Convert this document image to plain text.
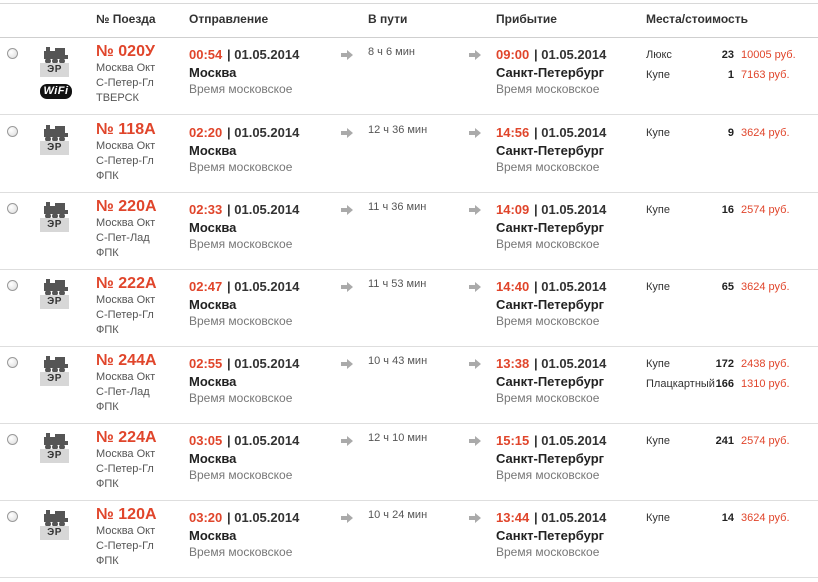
№ Поезда	Отправление	В пути	Прибытие	Места/стоимость
ЭР
WiFi
№ 020У
Москва Окт
С-Петер-Гл
ТВЕРСК
00:54 | 01.05.2014
Москва
Время московское
8 ч 6 мин	09:00 | 01.05.2014
Санкт-Петербург
Время московское
Люкс	23 10005 руб.
Купе	1 7163 руб.
ЭР
№ 118А
Москва Окт
С-Петер-Гл
ФПК
02:20 | 01.05.2014
Москва
Время московское
12 ч 36 мин	14:56 | 01.05.2014
Санкт-Петербург
Время московское
Купе	9 3624 руб.
ЭР
№ 220А
Москва Окт
С-Пет-Лад
ФПК
02:33 | 01.05.2014
Москва
Время московское
11 ч 36 мин	14:09 | 01.05.2014
Санкт-Петербург
Время московское
Купе	16 2574 руб.
ЭР
№ 222А
Москва Окт
С-Петер-Гл
ФПК
02:47 | 01.05.2014
Москва
Время московское
11 ч 53 мин	14:40 | 01.05.2014
Санкт-Петербург
Время московское
Купе	65 3624 руб.
ЭР
№ 244А
Москва Окт
С-Пет-Лад
ФПК
02:55 | 01.05.2014
Москва
Время московское
10 ч 43 мин	13:38 | 01.05.2014
Санкт-Петербург
Время московское
Купе	172 2438 руб.
Плацкартный 166 1310 руб.
ЭР
№ 224А
Москва Окт
С-Петер-Гл
ФПК
03:05 | 01.05.2014
Москва
Время московское
12 ч 10 мин	15:15 | 01.05.2014
Санкт-Петербург
Время московское
Купе	241 2574 руб.
ЭР
№ 120А
Москва Окт
С-Петер-Гл
ФПК
03:20 | 01.05.2014
Москва
Время московское
10 ч 24 мин	13:44 | 01.05.2014
Санкт-Петербург
Время московское
Купе	14 3624 руб.
